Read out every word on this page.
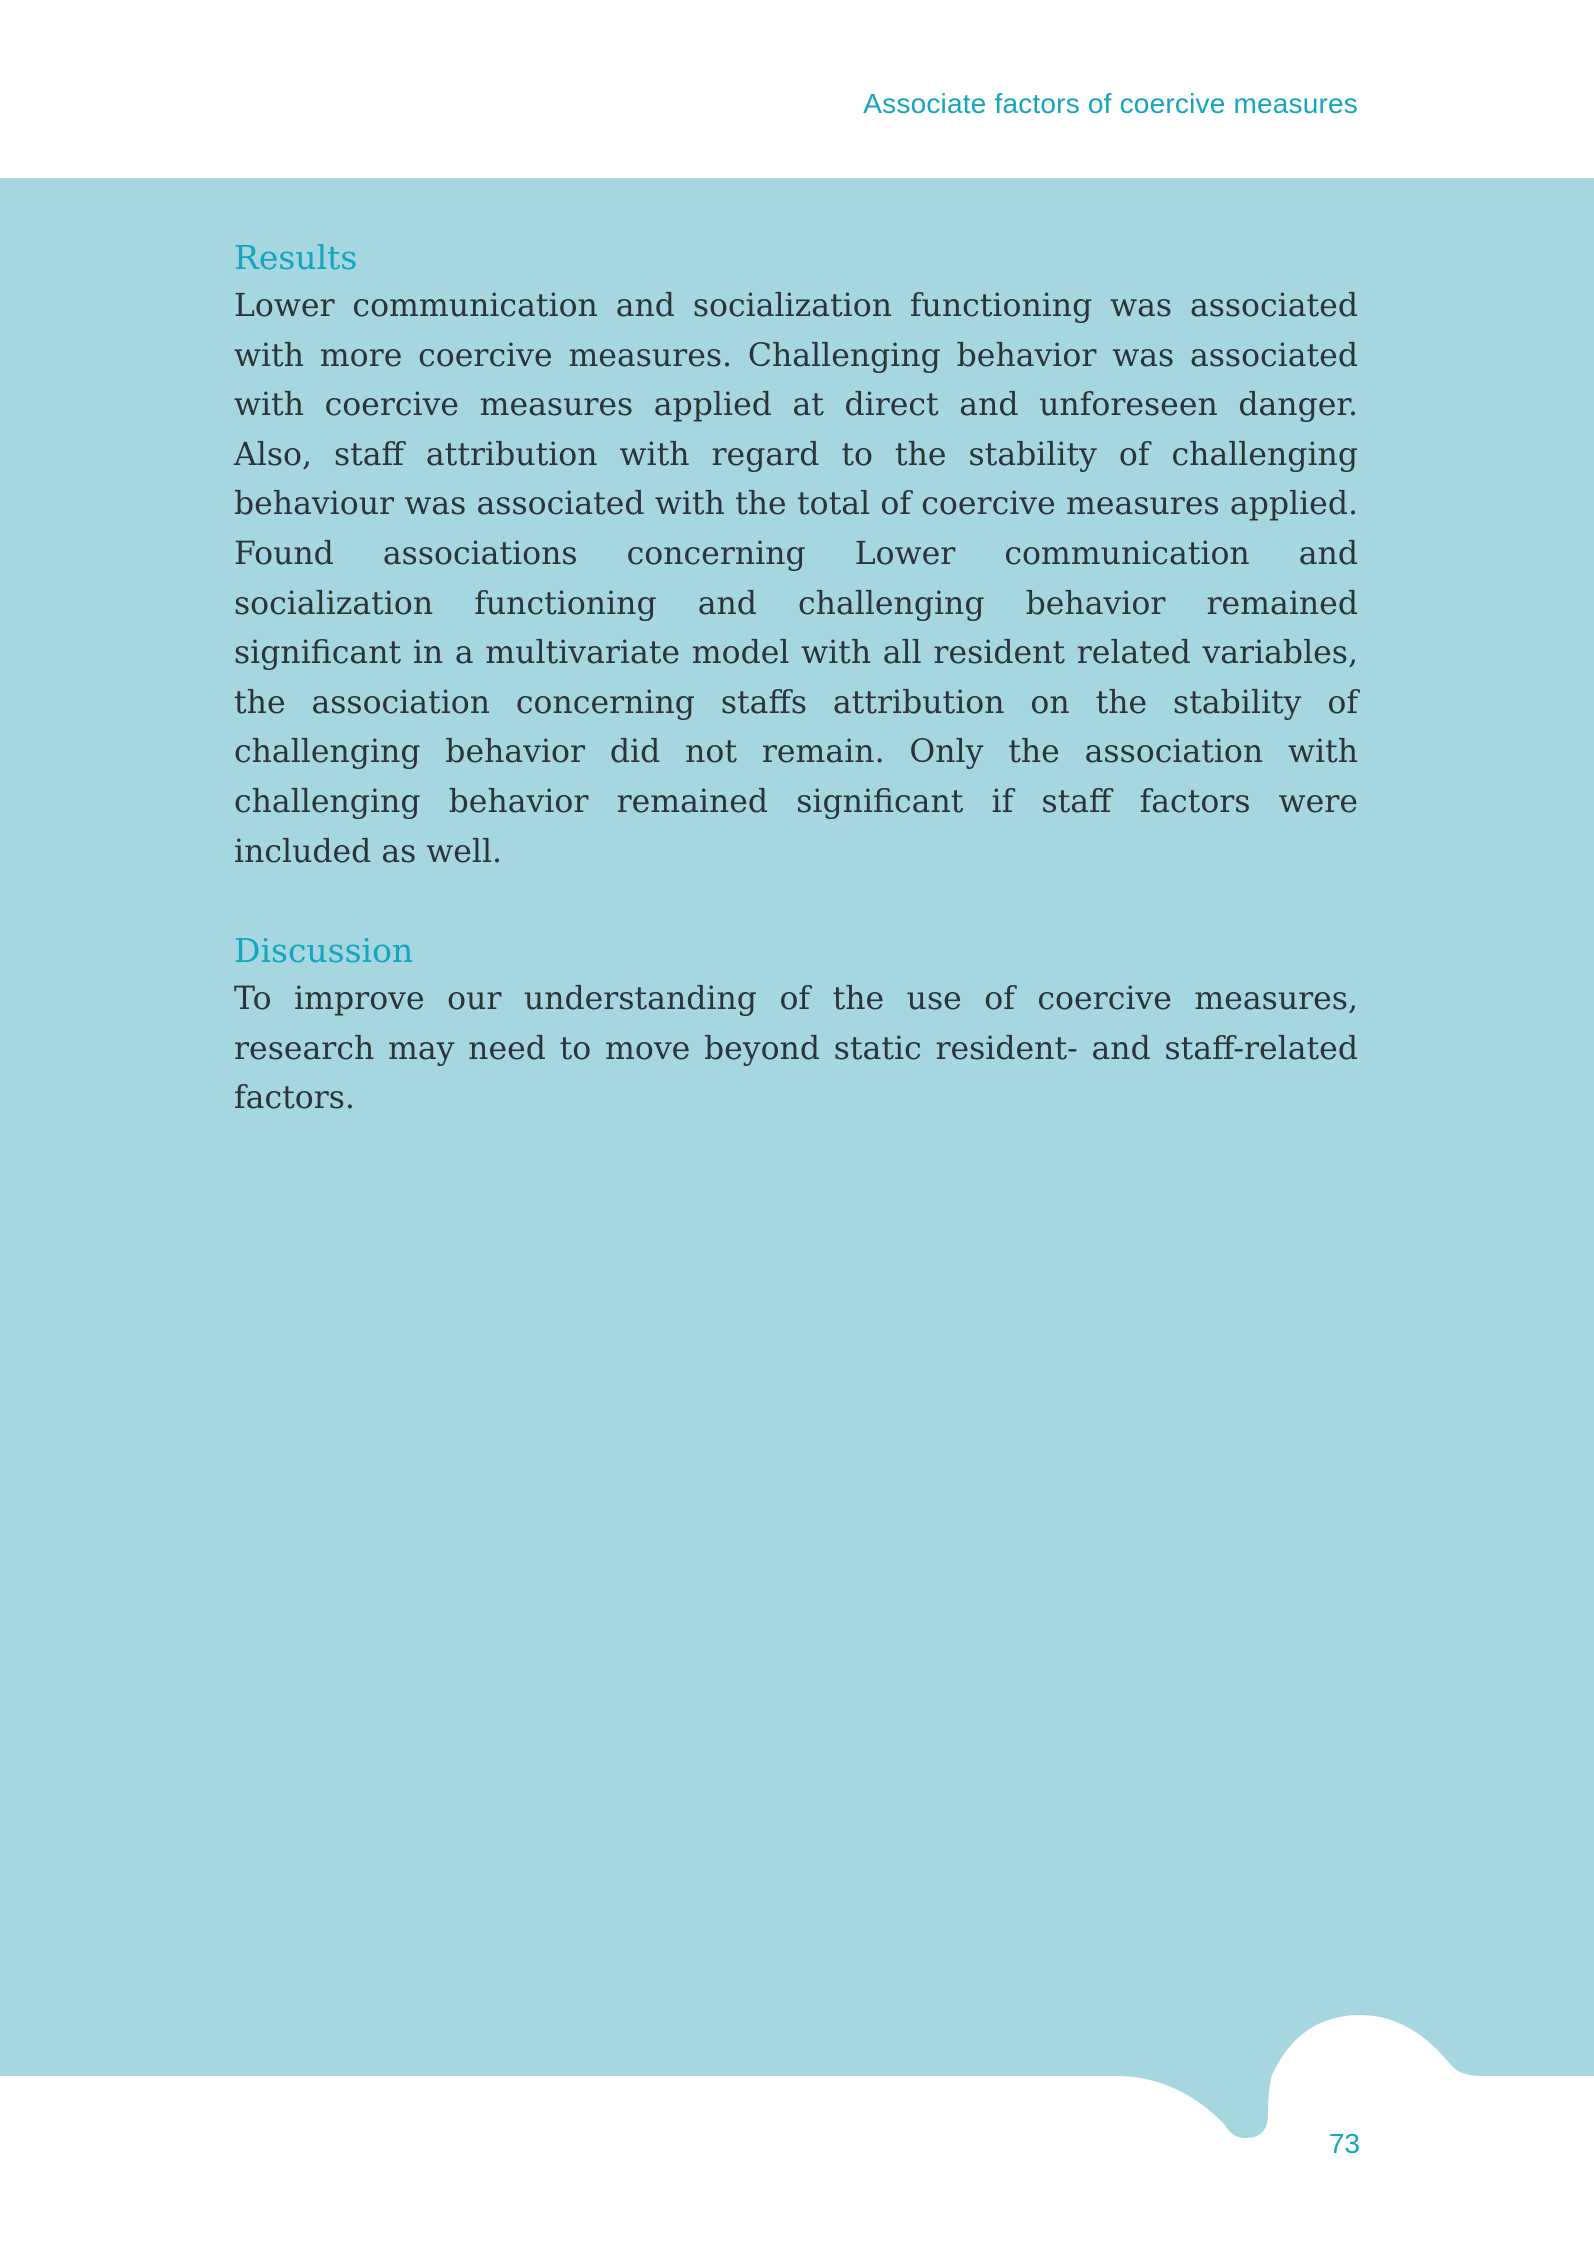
Associate factors of coercive measures
Results

Lower communication and socialization functioning was associated with more coercive measures. Challenging behavior was associated with coercive measures applied at direct and unforeseen danger. Also, staff attribution with regard to the stability of challenging behaviour was associated with the total of coercive measures applied. Found associations concerning Lower communication and socialization functioning and challenging behavior remained significant in a multivariate model with all resident related variables, the association concerning staffs attribution on the stability of challenging behavior did not remain. Only the association with challenging behavior remained significant if staff factors were included as well.

Discussion

To improve our understanding of the use of coercive measures, research may need to move beyond static resident- and staff-related factors.

73
